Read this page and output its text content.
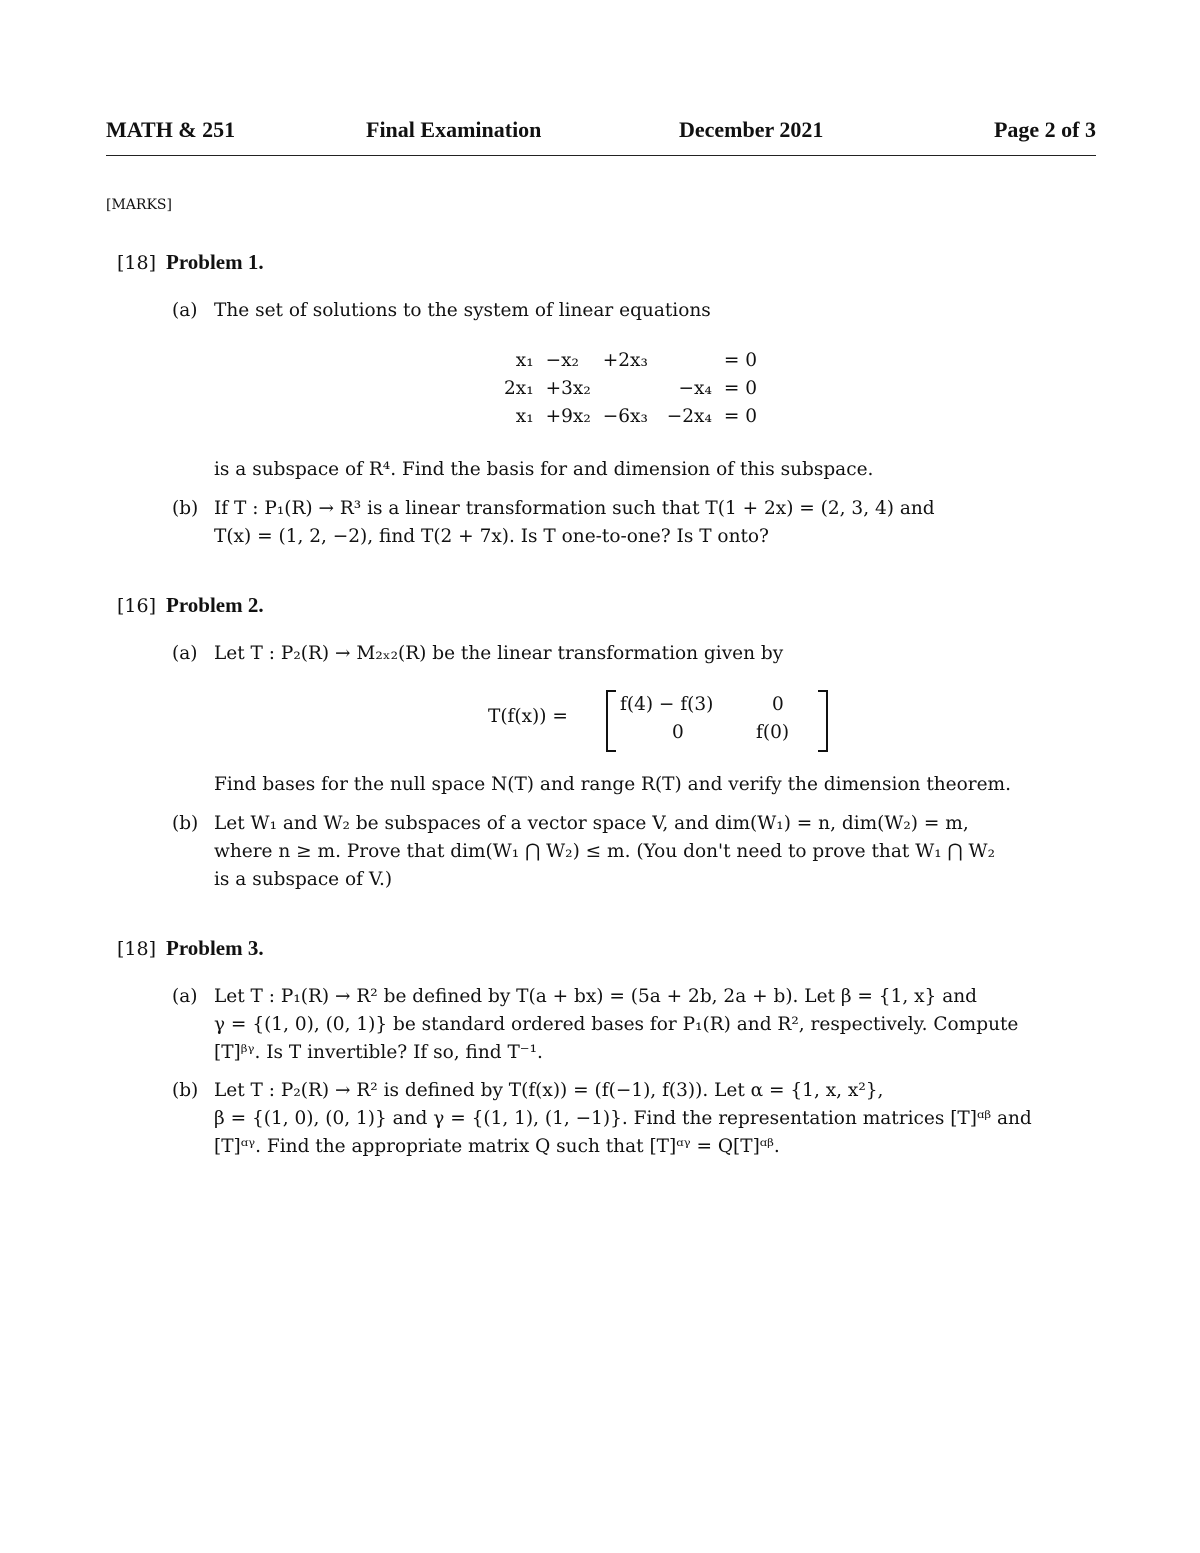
MATH & 251	Final Examination	December 2021	Page 2 of 3
[MARKS]
[18] Problem 1.
(a) The set of solutions to the system of linear equations
x₁	−x₂	+2x₃		= 0
2x₁	+3x₂		−x₄	= 0
x₁	+9x₂	−6x₃	−2x₄	= 0
is a subspace of R⁴. Find the basis for and dimension of this subspace.
(b) If T : P₁(R) → R³ is a linear transformation such that T(1 + 2x) = (2, 3, 4) and
T(x) = (1, 2, −2), find T(2 + 7x). Is T one-to-one? Is T onto?
[16] Problem 2.
(a) Let T : P₂(R) → M₂ₓ₂(R) be the linear transformation given by
T(f(x)) =
f(4) − f(3)	0
0	f(0)
Find bases for the null space N(T) and range R(T) and verify the dimension theorem.
(b) Let W₁ and W₂ be subspaces of a vector space V, and dim(W₁) = n, dim(W₂) = m,
where n ≥ m. Prove that dim(W₁ ⋂ W₂) ≤ m. (You don't need to prove that W₁ ⋂ W₂
is a subspace of V.)
[18] Problem 3.
(a) Let T : P₁(R) → R² be defined by T(a + bx) = (5a + 2b, 2a + b). Let β = {1, x} and
γ = {(1, 0), (0, 1)} be standard ordered bases for P₁(R) and R², respectively. Compute
[T]ᵝᵞ. Is T invertible? If so, find T⁻¹.
(b) Let T : P₂(R) → R² is defined by T(f(x)) = (f(−1), f(3)). Let α = {1, x, x²},
β = {(1, 0), (0, 1)} and γ = {(1, 1), (1, −1)}. Find the representation matrices [T]ᵅᵝ and
[T]ᵅᵞ. Find the appropriate matrix Q such that [T]ᵅᵞ = Q[T]ᵅᵝ.
